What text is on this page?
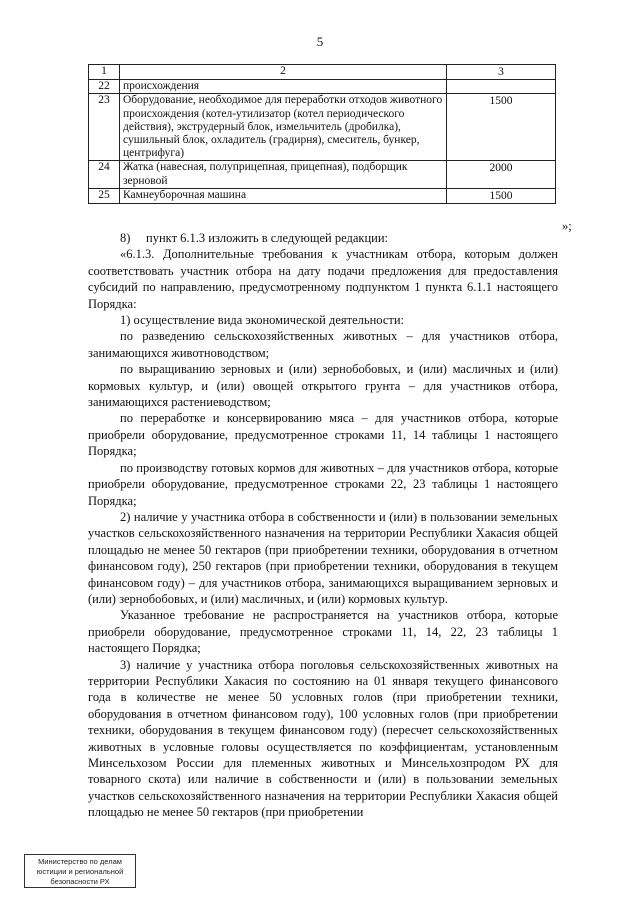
5
1	2	3
22	происхождения	
23	Оборудование, необходимое для переработки отходов животного происхождения (котел-утилизатор (котел периодического действия), экструдерный блок, измельчитель (дробилка), сушильный блок, охладитель (градирня), смеситель, бункер, центрифуга)	1500
24	Жатка (навесная, полуприцепная, прицепная), подборщик зерновой	2000
25	Камнеуборочная машина	1500
»;

8)  пункт 6.1.3 изложить в следующей редакции:

«6.1.3. Дополнительные требования к участникам отбора, которым должен соответствовать участник отбора на дату подачи предложения для предоставления субсидий по направлению, предусмотренному подпунктом 1 пункта 6.1.1 настоящего Порядка:

1) осуществление вида экономической деятельности:

по разведению сельскохозяйственных животных – для участников отбора, занимающихся животноводством;

по выращиванию зерновых и (или) зернобобовых, и (или) масличных и (или) кормовых культур, и (или) овощей открытого грунта – для участников отбора, занимающихся растениеводством;

по переработке и консервированию мяса – для участников отбора, которые приобрели оборудование, предусмотренное строками 11, 14 таблицы 1 настоящего Порядка;

по производству готовых кормов для животных – для участников отбора, которые приобрели оборудование, предусмотренное строками 22, 23 таблицы 1 настоящего Порядка;

2) наличие у участника отбора в собственности и (или) в пользовании земельных участков сельскохозяйственного назначения на территории Республики Хакасия общей площадью не менее 50 гектаров (при приобретении техники, оборудования в отчетном финансовом году), 250 гектаров (при приобретении техники, оборудования в текущем финансовом году) – для участников отбора, занимающихся выращиванием зерновых и (или) зернобобовых, и (или) масличных, и (или) кормовых культур.

Указанное требование не распространяется на участников отбора, которые приобрели оборудование, предусмотренное строками 11, 14, 22, 23 таблицы 1 настоящего Порядка;

3) наличие у участника отбора поголовья сельскохозяйственных животных на территории Республики Хакасия по состоянию на 01 января текущего финансового года в количестве не менее 50 условных голов (при приобретении техники, оборудования в отчетном финансовом году), 100 условных голов (при приобретении техники, оборудования в текущем финансовом году) (пересчет сельскохозяйственных животных в условные головы осуществляется по коэффициентам, установленным Минсельхозом России для племенных животных и Минсельхозпродом РХ для товарного скота) или наличие в собственности и (или) в пользовании земельных участков сельскохозяйственного назначения на территории Республики Хакасия общей площадью не менее 50 гектаров (при приобретении

Министерство по делам
юстиции и региональной
безопасности РХ
